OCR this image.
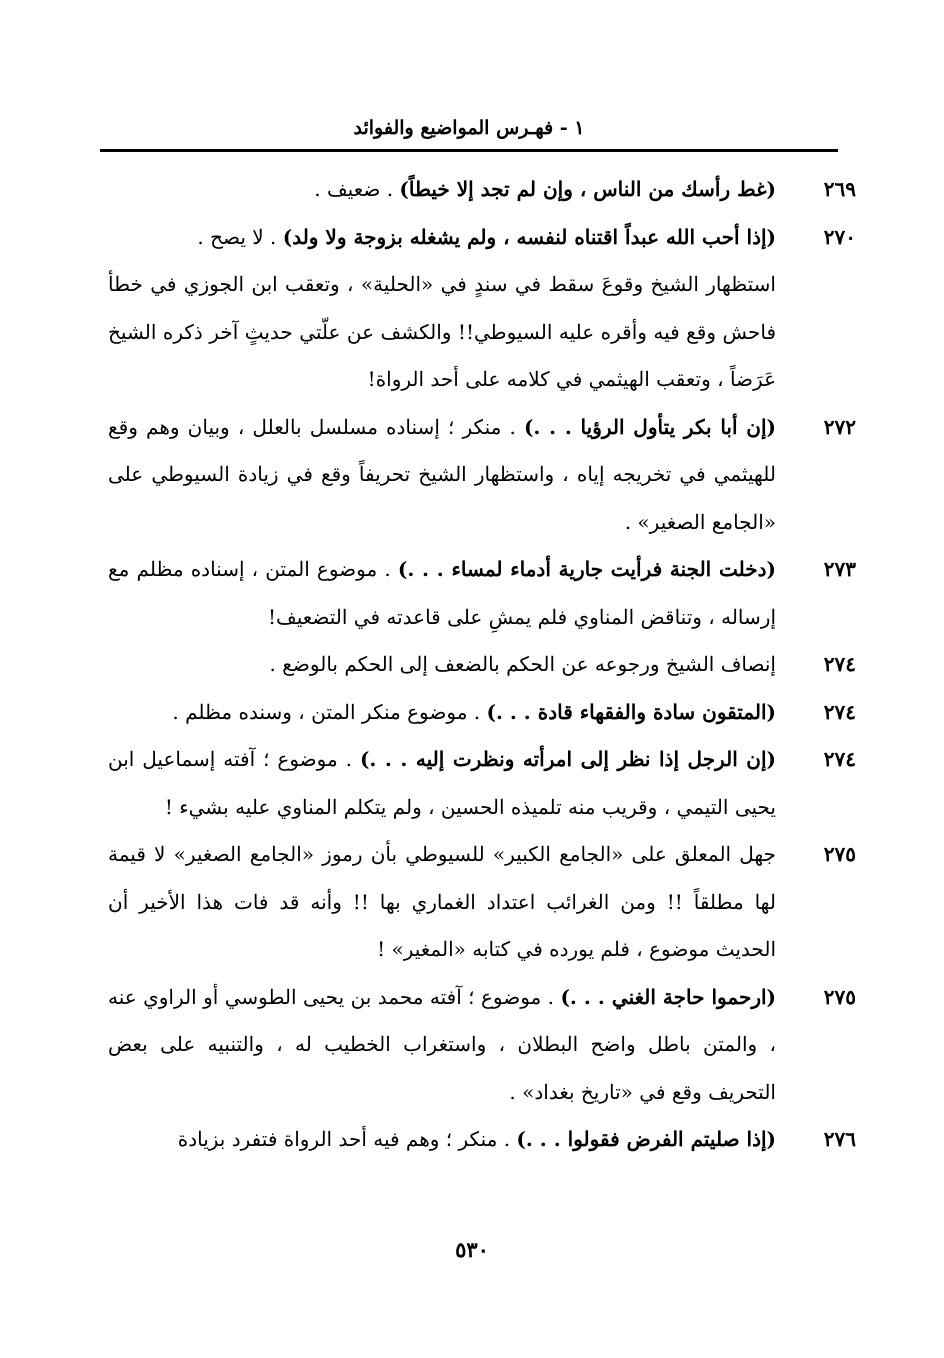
١ - فهـرس المواضيع والفوائد
٢٦٩
(غط رأسك من الناس ، وإن لم تجد إلا خيطاً) . ضعيف .
٢٧٠
(إذا أحب الله عبداً اقتناه لنفسه ، ولم يشغله بزوجة ولا ولد) . لا يصح .
استظهار الشيخ وقوعَ سقط في سندٍ في «الحلية» ، وتعقب ابن الجوزي في خطأ فاحش وقع فيه وأقره عليه السيوطي!! والكشف عن علّتي حديثٍ آخر ذكره الشيخ عَرَضاً ، وتعقب الهيثمي في كلامه على أحد الرواة!
٢٧٢
(إن أبا بكر يتأول الرؤيا . . .) . منكر ؛ إسناده مسلسل بالعلل ، وبيان وهم وقع للهيثمي في تخريجه إياه ، واستظهار الشيخ تحريفاً وقع في زيادة السيوطي على «الجامع الصغير» .
٢٧٣
(دخلت الجنة فرأيت جارية أدماء لمساء . . .) . موضوع المتن ، إسناده مظلم مع إرساله ، وتناقض المناوي فلم يمشِ على قاعدته في التضعيف!
٢٧٤
إنصاف الشيخ ورجوعه عن الحكم بالضعف إلى الحكم بالوضع .
٢٧٤
(المتقون سادة والفقهاء قادة . . .) . موضوع منكر المتن ، وسنده مظلم .
٢٧٤
(إن الرجل إذا نظر إلى امرأته ونظرت إليه . . .) . موضوع ؛ آفته إسماعيل ابن يحيى التيمي ، وقريب منه تلميذه الحسين ، ولم يتكلم المناوي عليه بشيء !
٢٧٥
جهل المعلق على «الجامع الكبير» للسيوطي بأن رموز «الجامع الصغير» لا قيمة لها مطلقاً !! ومن الغرائب اعتداد الغماري بها !! وأنه قد فات هذا الأخير أن الحديث موضوع ، فلم يورده في كتابه «المغير» !
٢٧٥
(ارحموا حاجة الغني . . .) . موضوع ؛ آفته محمد بن يحيى الطوسي أو الراوي عنه ، والمتن باطل واضح البطلان ، واستغراب الخطيب له ، والتنبيه على بعض التحريف وقع في «تاريخ بغداد» .
٢٧٦
(إذا صليتم الفرض فقولوا . . .) . منكر ؛ وهم فيه أحد الرواة فتفرد بزيادة
٥٣٠
